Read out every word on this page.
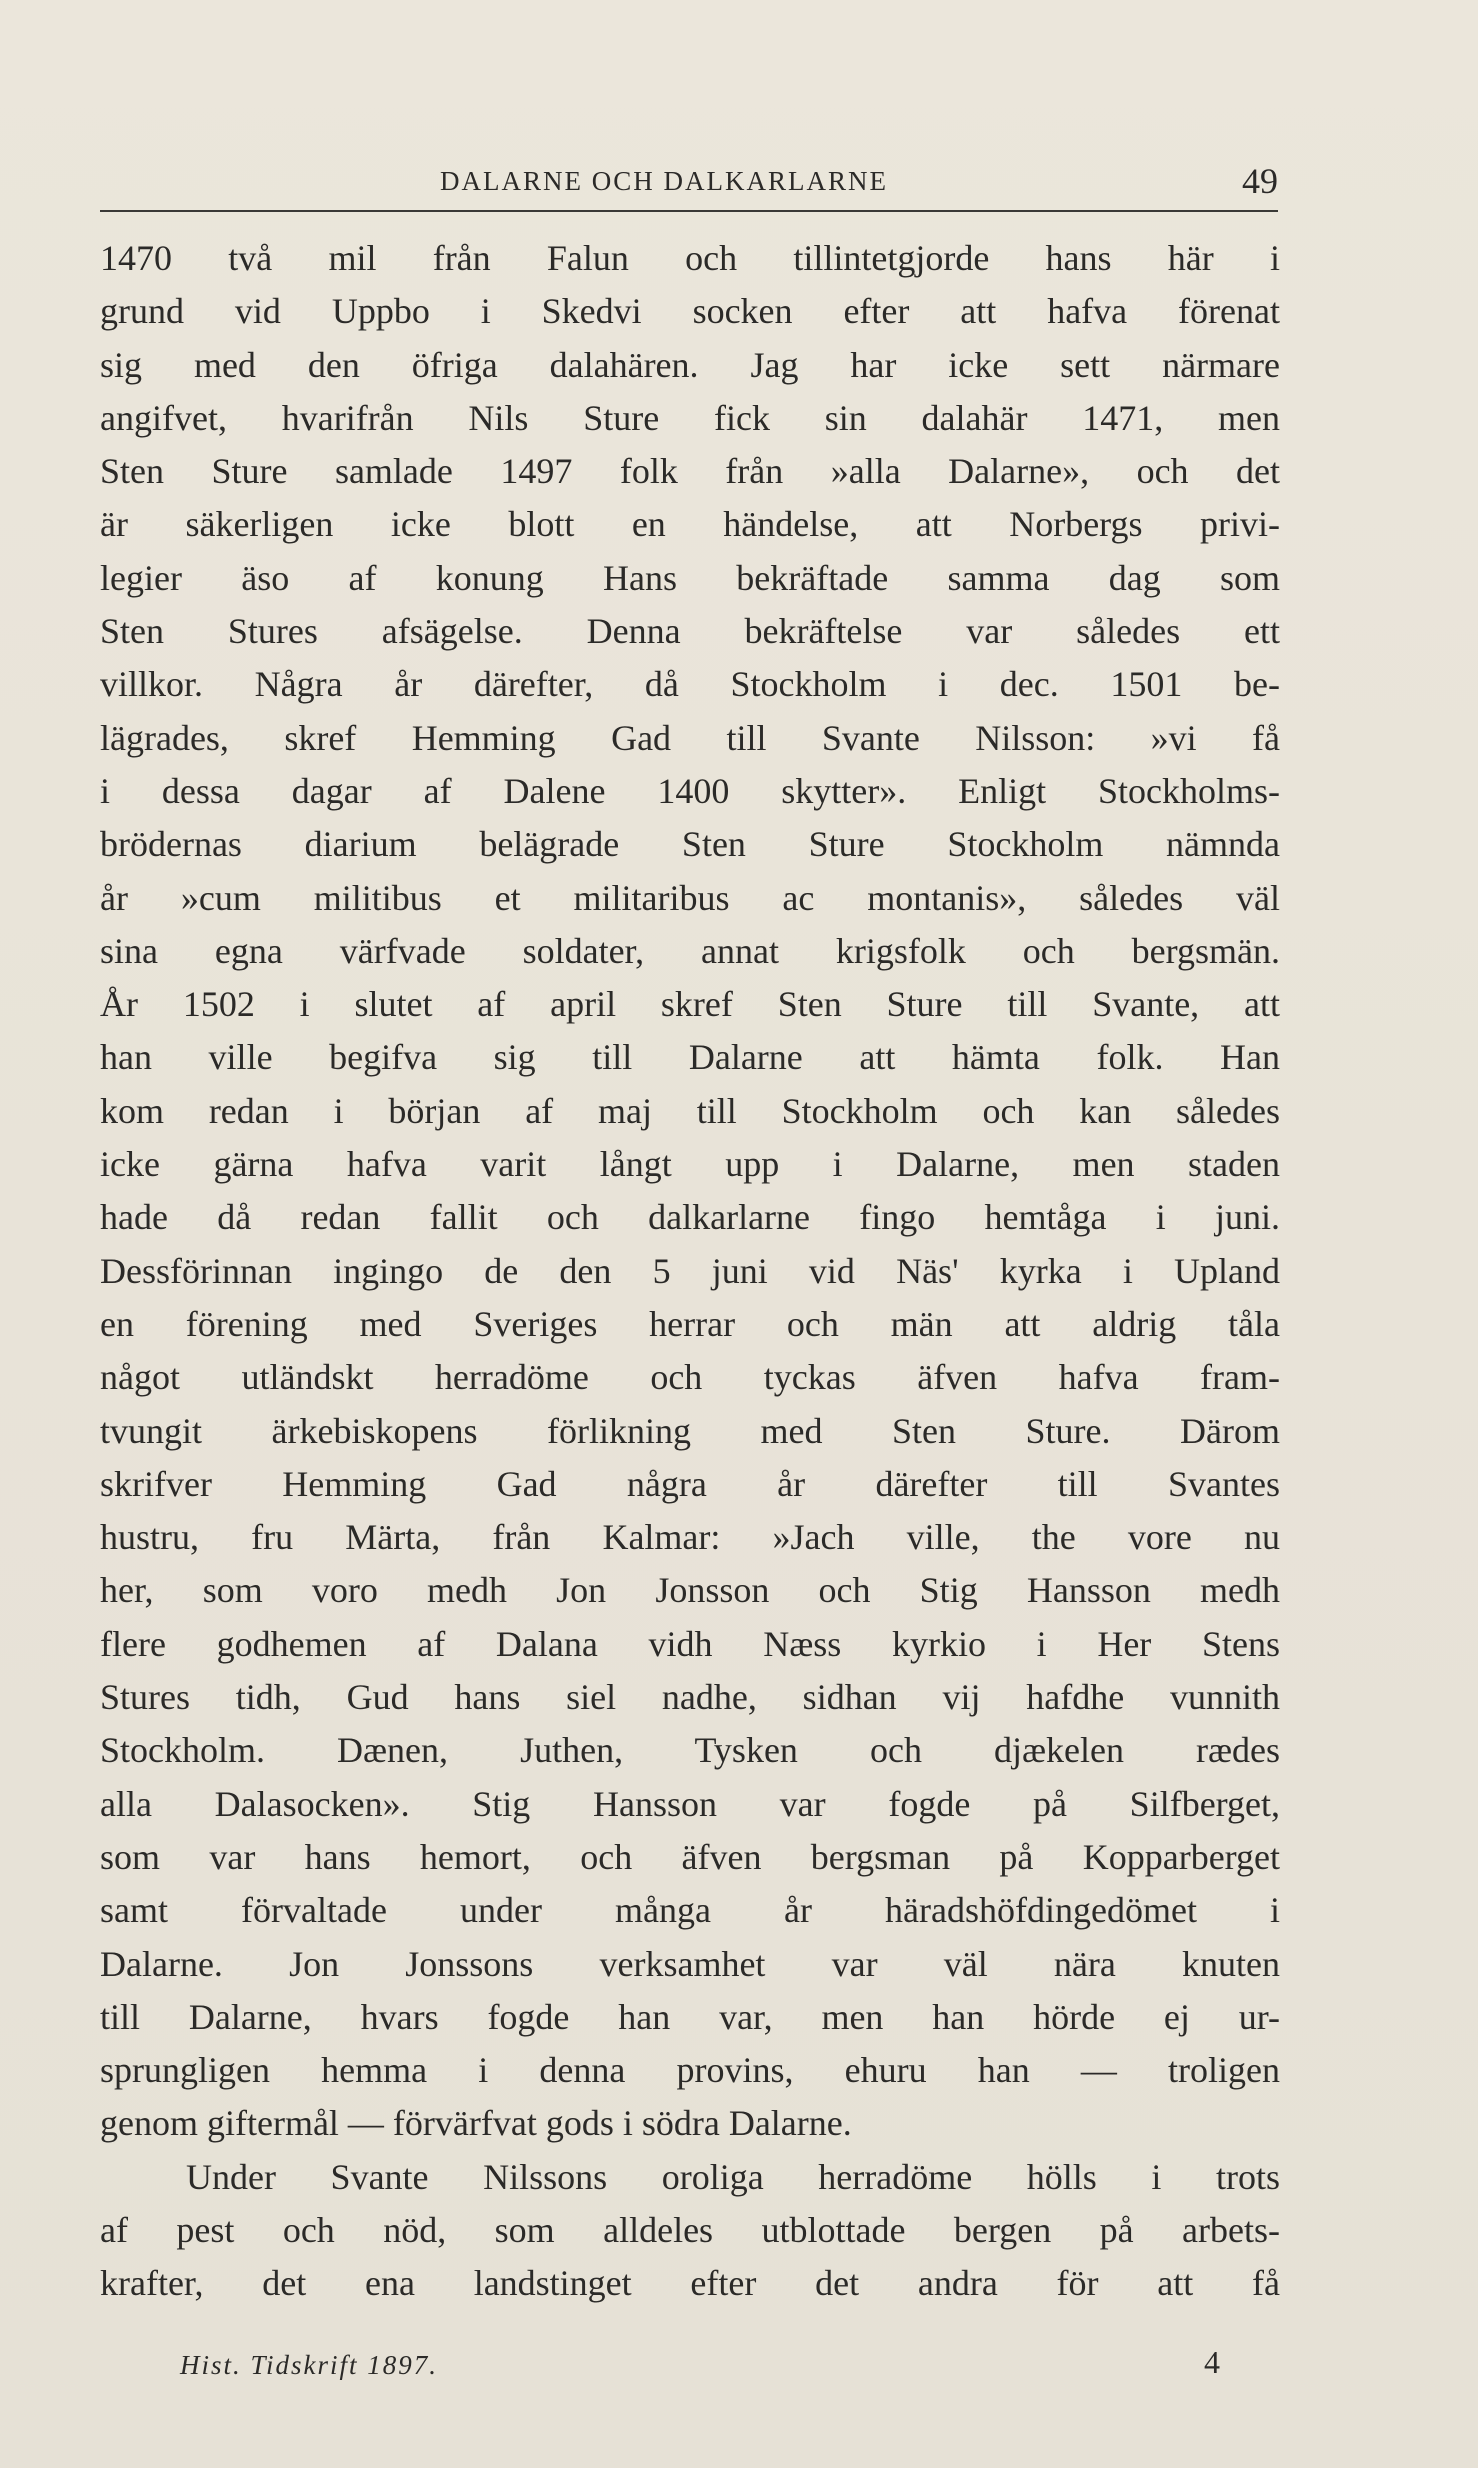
DALARNE OCH DALKARLARNE	49
1470 två mil från Falun och tillintetgjorde hans här i
grund vid Uppbo i Skedvi socken efter att hafva förenat
sig med den öfriga dalahären. Jag har icke sett närmare
angifvet, hvarifrån Nils Sture fick sin dalahär 1471, men
Sten Sture samlade 1497 folk från »alla Dalarne», och det
är säkerligen icke blott en händelse, att Norbergs privi-
legier äso af konung Hans bekräftade samma dag som
Sten Stures afsägelse. Denna bekräftelse var således ett
villkor. Några år därefter, då Stockholm i dec. 1501 be-
lägrades, skref Hemming Gad till Svante Nilsson: »vi få
i dessa dagar af Dalene 1400 skytter». Enligt Stockholms-
brödernas diarium belägrade Sten Sture Stockholm nämnda
år »cum militibus et militaribus ac montanis», således väl
sina egna värfvade soldater, annat krigsfolk och bergsmän.
År 1502 i slutet af april skref Sten Sture till Svante, att
han ville begifva sig till Dalarne att hämta folk. Han
kom redan i början af maj till Stockholm och kan således
icke gärna hafva varit långt upp i Dalarne, men staden
hade då redan fallit och dalkarlarne fingo hemtåga i juni.
Dessförinnan ingingo de den 5 juni vid Näs' kyrka i Upland
en förening med Sveriges herrar och män att aldrig tåla
något utländskt herradöme och tyckas äfven hafva fram-
tvungit ärkebiskopens förlikning med Sten Sture. Därom
skrifver Hemming Gad några år därefter till Svantes
hustru, fru Märta, från Kalmar: »Jach ville, the vore nu
her, som voro medh Jon Jonsson och Stig Hansson medh
flere godhemen af Dalana vidh Næss kyrkio i Her Stens
Stures tidh, Gud hans siel nadhe, sidhan vij hafdhe vunnith
Stockholm. Dænen, Juthen, Tysken och djækelen rædes
alla Dalasocken». Stig Hansson var fogde på Silfberget,
som var hans hemort, och äfven bergsman på Kopparberget
samt förvaltade under många år häradshöfdingedömet i
Dalarne. Jon Jonssons verksamhet var väl nära knuten
till Dalarne, hvars fogde han var, men han hörde ej ur-
sprungligen hemma i denna provins, ehuru han — troligen
genom giftermål — förvärfvat gods i södra Dalarne.
Under Svante Nilssons oroliga herradöme hölls i trots
af pest och nöd, som alldeles utblottade bergen på arbets-
krafter, det ena landstinget efter det andra för att få
Hist. Tidskrift 1897.	4
